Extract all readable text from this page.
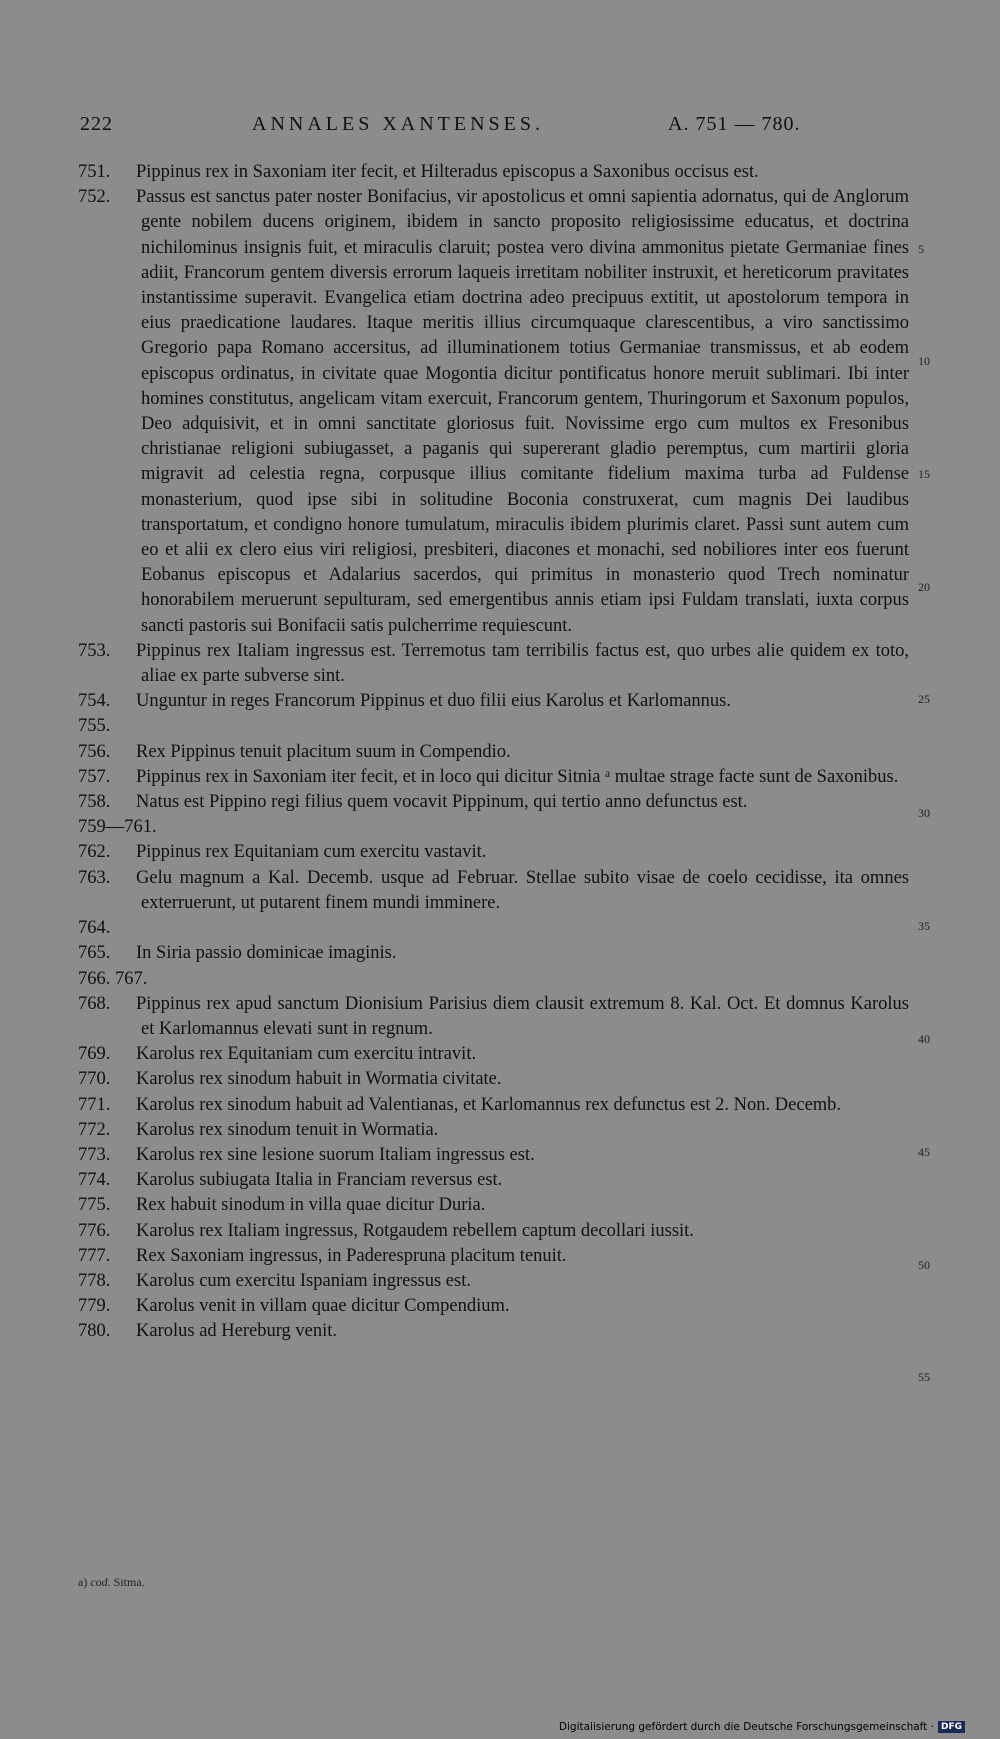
222	ANNALES XANTENSES.	A. 751 — 780.
751. Pippinus rex in Saxoniam iter fecit, et Hilteradus episcopus a Saxonibus occisus est.
752. Passus est sanctus pater noster Bonifacius, vir apostolicus et omni sapientia adornatus, qui de Anglorum gente nobilem ducens originem, ibidem in sancto proposito religiosissime educatus, et doctrina nichilominus insignis fuit, et miraculis claruit; postea vero divina ammonitus pietate Germaniae fines adiit, Francorum gentem diversis errorum laqueis irretitam nobiliter instruxit, et hereticorum pravitates instantissime superavit. Evangelica etiam doctrina adeo precipuus extitit, ut apostolorum tempora in eius praedicatione laudares. Itaque meritis illius circumquaque clarescentibus, a viro sanctissimo Gregorio papa Romano accersitus, ad illuminationem totius Germaniae transmissus, et ab eodem episcopus ordinatus, in civitate quae Mogontia dicitur pontificatus honore meruit sublimari. Ibi inter homines constitutus, angelicam vitam exercuit, Francorum gentem, Thuringorum et Saxonum populos, Deo adquisivit, et in omni sanctitate gloriosus fuit. Novissime ergo cum multos ex Fresonibus christianae religioni subiugasset, a paganis qui supererant gladio peremptus, cum martirii gloria migravit ad celestia regna, corpusque illius comitante fidelium maxima turba ad Fuldense monasterium, quod ipse sibi in solitudine Boconia construxerat, cum magnis Dei laudibus transportatum, et condigno honore tumulatum, miraculis ibidem plurimis claret. Passi sunt autem cum eo et alii ex clero eius viri religiosi, presbiteri, diacones et monachi, sed nobiliores inter eos fuerunt Eobanus episcopus et Adalarius sacerdos, qui primitus in monasterio quod Trech nominatur honorabilem meruerunt sepulturam, sed emergentibus annis etiam ipsi Fuldam translati, iuxta corpus sancti pastoris sui Bonifacii satis pulcherrime requiescunt.
753. Pippinus rex Italiam ingressus est. Terremotus tam terribilis factus est, quo urbes alie quidem ex toto, aliae ex parte subverse sint.
754. Unguntur in reges Francorum Pippinus et duo filii eius Karolus et Karlomannus.
755.
756. Rex Pippinus tenuit placitum suum in Compendio.
757. Pippinus rex in Saxoniam iter fecit, et in loco qui dicitur Sitnia ᵃ multae strage facte sunt de Saxonibus.
758. Natus est Pippino regi filius quem vocavit Pippinum, qui tertio anno defunctus est.
759—761.
762. Pippinus rex Equitaniam cum exercitu vastavit.
763. Gelu magnum a Kal. Decemb. usque ad Februar. Stellae subito visae de coelo cecidisse, ita omnes exterruerunt, ut putarent finem mundi imminere.
764.
765. In Siria passio dominicae imaginis.
766. 767.
768. Pippinus rex apud sanctum Dionisium Parisius diem clausit extremum 8. Kal. Oct. Et domnus Karolus et Karlomannus elevati sunt in regnum.
769. Karolus rex Equitaniam cum exercitu intravit.
770. Karolus rex sinodum habuit in Wormatia civitate.
771. Karolus rex sinodum habuit ad Valentianas, et Karlomannus rex defunctus est 2. Non. Decemb.
772. Karolus rex sinodum tenuit in Wormatia.
773. Karolus rex sine lesione suorum Italiam ingressus est.
774. Karolus subiugata Italia in Franciam reversus est.
775. Rex habuit sinodum in villa quae dicitur Duria.
776. Karolus rex Italiam ingressus, Rotgaudem rebellem captum decollari iussit.
777. Rex Saxoniam ingressus, in Paderespruna placitum tenuit.
778. Karolus cum exercitu Ispaniam ingressus est.
779. Karolus venit in villam quae dicitur Compendium.
780. Karolus ad Hereburg venit.
5
10
15
20
25
30
35
40
45
50
55
a) cod. Sitma.
Digitalisierung gefördert durch die Deutsche Forschungsgemeinschaft · DFG
